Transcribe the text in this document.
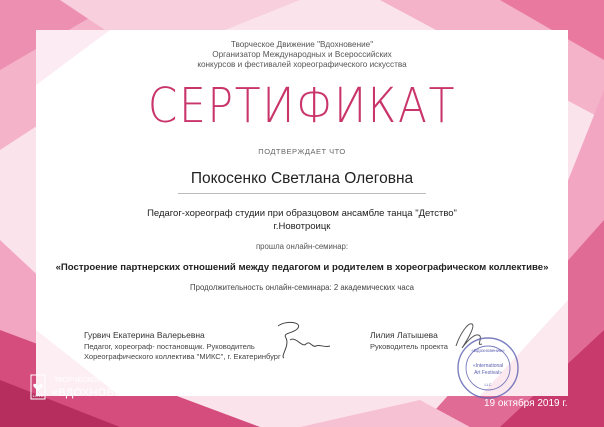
Творческое Движение "Вдохновение"
Организатор Международных и Всероссийских
конкурсов и фестивалей хореографического искусства
СЕРТИФИКАТ
ПОДТВЕРЖДАЕТ ЧТО
Покосенко Светлана Олеговна
Педагог-хореограф студии при образцовом ансамбле танца "Детство"
г.Новотроицк
прошла онлайн-семинар:
«Построение партнерских отношений между педагогом и родителем в хореографическом коллективе»
Продолжительность онлайн-семинара: 2 академических часа

Гурвич Екатерина Валерьевна

Педагог, хореограф- постановщик. Руководитель
Хореографического коллектива "МИКС", г. Екатеринбург

Лилия Латышева

Руководитель проекта	«Вдохновение»
«International
Art Festival»
LLC
LOVE

ТВОРЧЕСКОЕ ДВИЖЕНИЕ

«ВДОХНОВЕНИЕ»

19 октября 2019 г.
